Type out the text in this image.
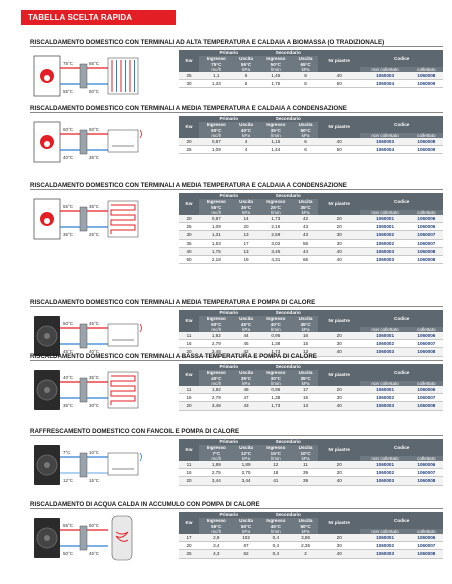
TABELLA SCELTA RAPIDA SCAMBIATORE DI CALORE
RISCALDAMENTO DOMESTICO CON TERMINALI AD ALTA TEMPERATURA E CALDAIA A BIOMASSA (O TRADIZIONALE)
75°C
55°C	50°C
65°C
Kw	Primario		Secondario		Nr piastre	Codice	
	Ingresso	Uscita	Ingresso	Uscita			
	75°C	55°C	50°C	65°C			
	mc/h	kPa	l/min	kPa		non collettato	collettato
25	1,1	5	1,45	8	40	1060003	1060008
30	1,33	5	1,75	8	50	1060004	1060009
RISCALDAMENTO DOMESTICO CON TERMINALI A MEDIA TEMPERATURA E CALDAIA A CONDENSAZIONE
60°C
40°C	35°C
50°C
Kw	Primario		Secondario		Nr piastre	Codice	
	Ingresso	Uscita	Ingresso	Uscita			
	60°C	40°C	35°C	50°C			
	mc/h	kPa	l/min	kPa		non collettato	collettato
20	0,87	4	1,15	6	40	1060003	1060008
25	1,09	4	1,44	6	50	1060004	1060009
RISCALDAMENTO DOMESTICO CON TERMINALI A MEDIA TEMPERATURA E CALDAIA A CONDENSAZIONE
55°C
35°C	25°C
35°C
Kw	Primario		Secondario		Nr piastre	Codice	
	Ingresso	Uscita	Ingresso	Uscita			
	55°C	35°C	25°C	35°C			
	mc/h	kPa	l/min	kPa		non collettato	collettato
20	0,87	14	1,73	42	20	1060001	1060006
25	1,09	20	2,16	43	20	1060001	1060006
30	1,31	13	2,59	43	30	1060002	1060007
35	1,53	17	3,02	56	30	1060002	1060007
40	1,75	13	3,45	44	40	1060003	1060008
50	2,18	19	4,31	66	40	1060003	1060008
RISCALDAMENTO DOMESTICO CON TERMINALI A MEDIA TEMPERATURA E POMPA DI CALORE
50°C
45°C	40°C
45°C
Kw	Primario		Secondario		Nr piastre	Codice	
	Ingresso	Uscita	Ingresso	Uscita			
	50°C	45°C	40°C	45°C			
	mc/h	kPa	l/min	kPa		non collettato	collettato
11	1,92	44	0,95	16	20	1060001	1060006
16	2,79	45	1,38	15	30	1060002	1060007
20	3,48	42	1,73	13	40	1060003	1060008
RISCALDAMENTO DOMESTICO CON TERMINALI A BASSA TEMPERATURA E POMPA DI CALORE
40°C
35°C	30°C
35°C
Kw	Primario		Secondario		Nr piastre	Codice	
	Ingresso	Uscita	Ingresso	Uscita			
	40°C	35°C	30°C	35°C			
	mc/h	kPa	l/min	kPa		non collettato	collettato
11	1,92	48	0,95	17	20	1060001	1060006
16	2,79	47	1,38	15	30	1060002	1060007
20	3,48	43	1,73	13	40	1060003	1060008
RAFFRESCAMENTO DOMESTICO CON FANCOIL E POMPA DI CALORE
7°C
12°C	15°C
10°C
Kw	Primario		Secondario		Nr piastre	Codice	
	Ingresso	Uscita	Ingresso	Uscita			
	7°C	12°C	15°C	10°C			
	mc/h	kPa	l/min	kPa		non collettato	collettato
11	1,89	1,89	12	11	20	1060001	1060006
16	2,75	2,75	18	39	30	1060002	1060007
20	3,44	3,44	41	39	40	1060003	1060008
RISCALDAMENTO DI ACQUA CALDA IN ACCUMULO CON POMPA DI CALORE
55°C
50°C	45°C
50°C
Kw	Primario		Secondario		Nr piastre	Codice	
	Ingresso	Uscita	Ingresso	Uscita			
	55°C	50°C	45°C	50°C			
	mc/h	kPa	l/min	kPa		non collettato	collettato
17	2,9	102	0,4	3,86	20	1060001	1060006
20	3,4	67	0,4	2,35	30	1060002	1060007
25	4,3	62	0,4	2	40	1060003	1060008
